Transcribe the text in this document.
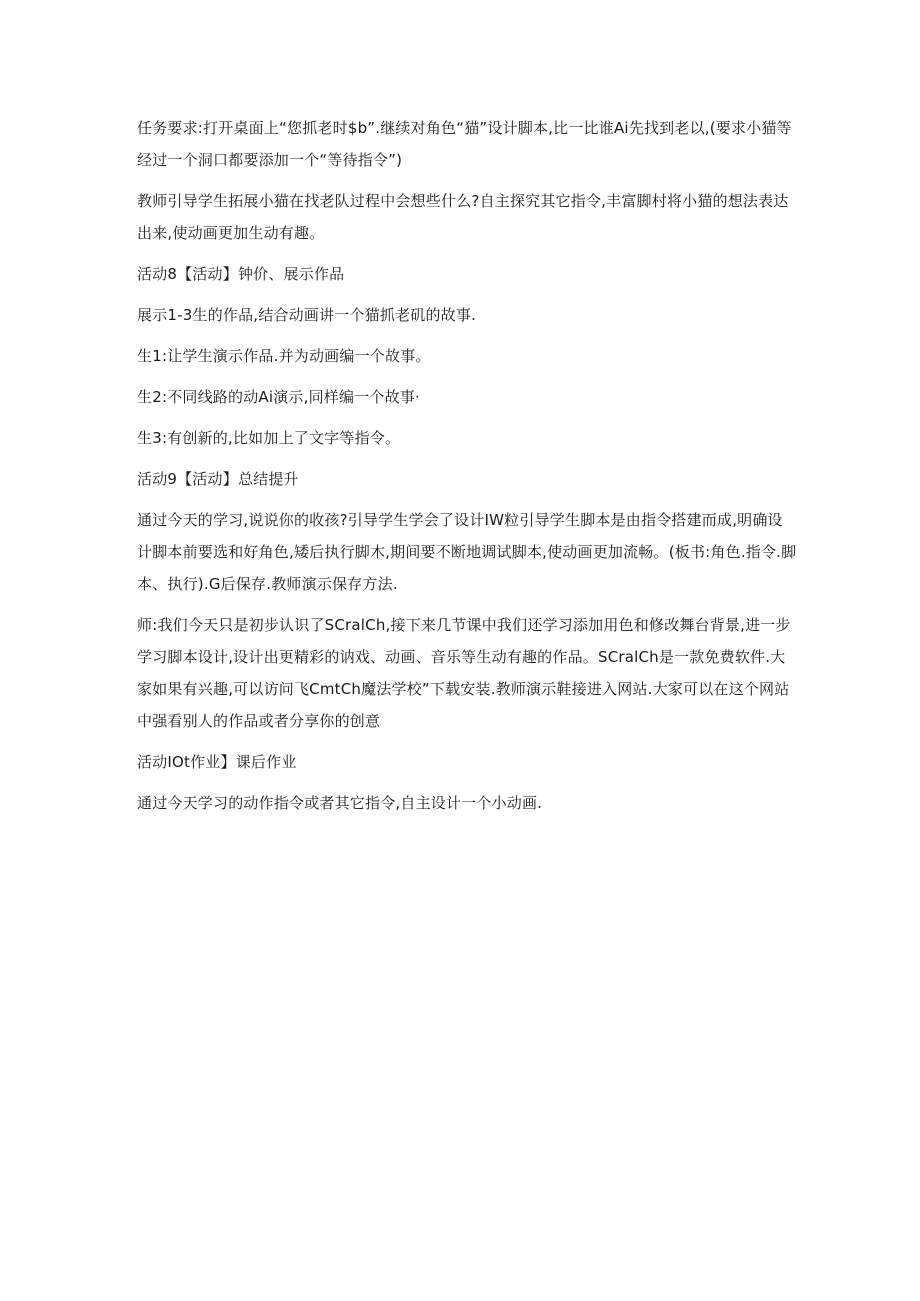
任务要求:打开桌面上“您抓老时$b”.继续对角色“猫”设计脚本,比一比谁Ai先找到老以,(要求小猫等经过一个洞口都要添加一个“等待指令”)

教师引导学生拓展小猫在找老队过程中会想些什么?自主探究其它指令,丰富脚村将小猫的想法表达出来,使动画更加生动有趣。

活动8【活动】钟价、展示作品

展示1-3生的作品,结合动画讲一个猫抓老矶的故事.

生1:让学生演示作品.并为动画编一个故事。

生2:不同线路的动Ai演示,同样编一个故事·

生3:有创新的,比如加上了文字等指令。

活动9【活动】总结提升

通过今天的学习,说说你的收孩?引导学生学会了设计IW粒引导学生脚本是由指令搭建而成,明确设计脚本前要选和好角色,矮后执行脚木,期间要不断地调试脚本,使动画更加流畅。(板书:角色.指令.脚本、执行).G后保存.教师演示保存方法.

师:我们今天只是初步认识了SCralCh,接下来几节课中我们还学习添加用色和修改舞台背景,进一步学习脚本设计,设计出更精彩的讷戏、动画、音乐等生动有趣的作品。SCralCh是一款免费软件.大家如果有兴趣,可以访问飞CmtCh魔法学校”下载安装.教师演示鞋接进入网站.大家可以在这个网站中强看别人的作品或者分享你的创意

活动IOt作业】课后作业

通过今天学习的动作指令或者其它指令,自主设计一个小动画.
